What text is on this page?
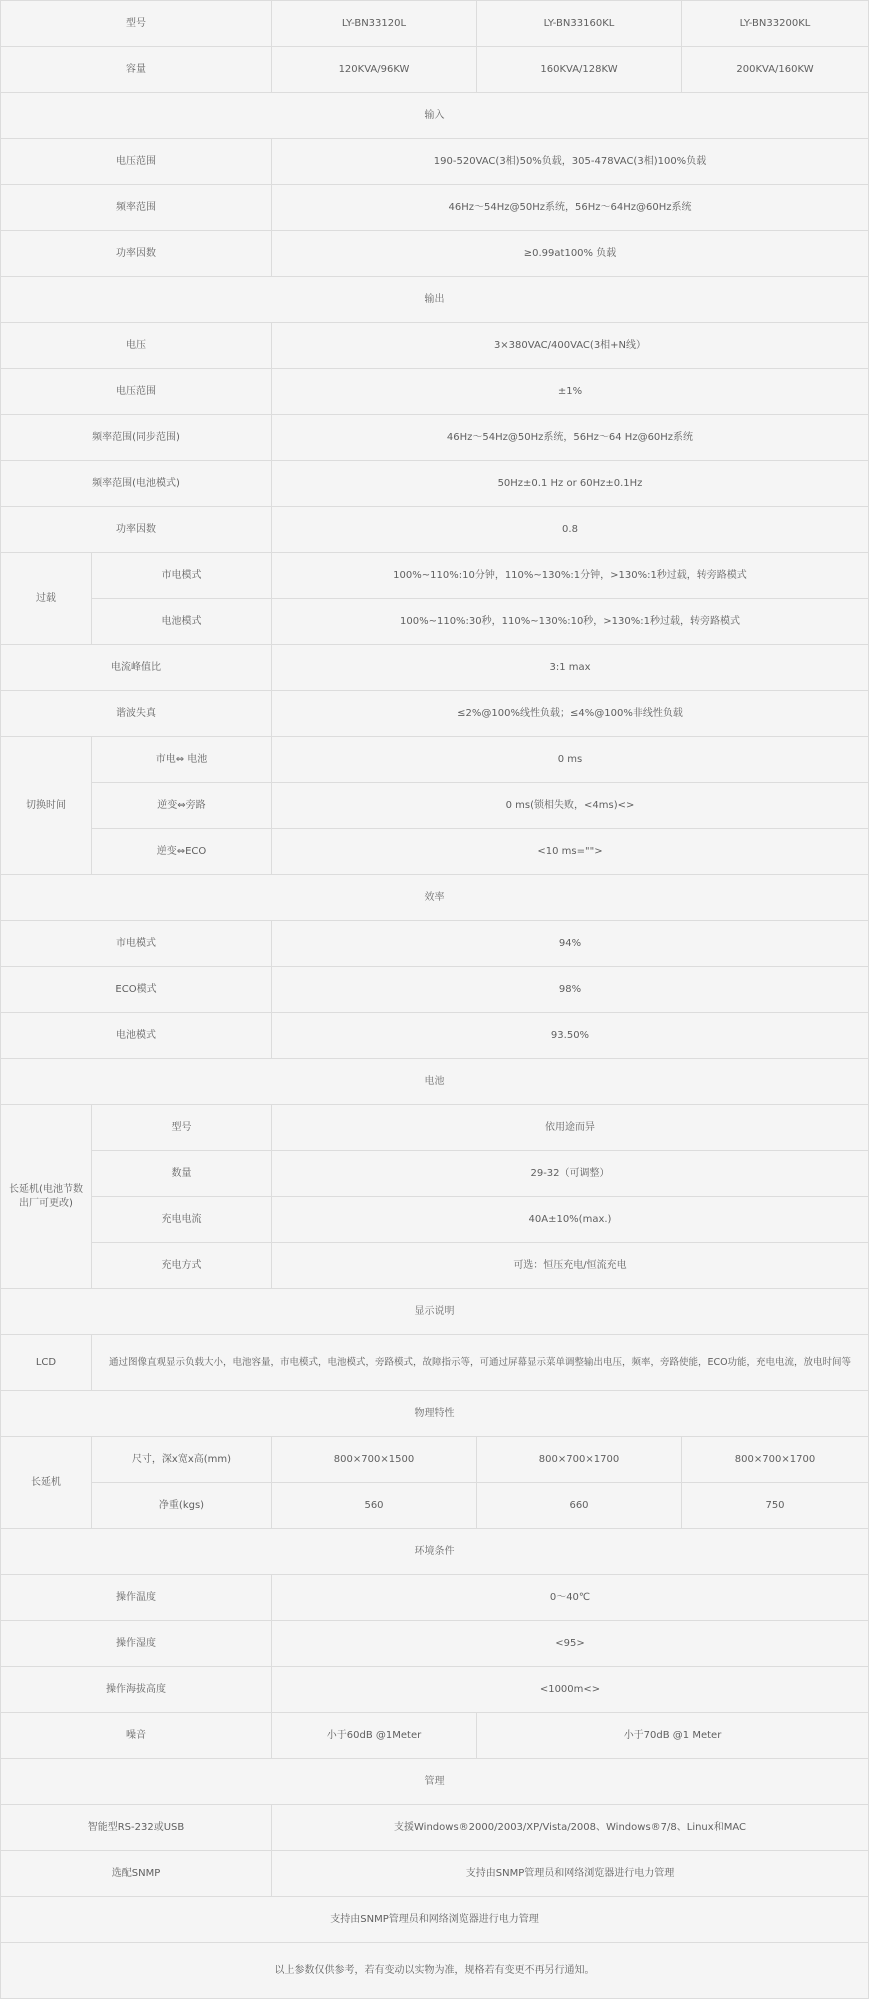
型号		LY-BN33120L	LY-BN33160KL	LY-BN33200KL
容量		120KVA/96KW	160KVA/128KW	200KVA/160KW
输入				
电压范围		190-520VAC(3相)50%负载，305-478VAC(3相)100%负载		
频率范围		46Hz～54Hz@50Hz系统，56Hz～64Hz@60Hz系统		
功率因数		≥0.99at100% 负载		
输出				
电压		3×380VAC/400VAC(3相+N线）		
电压范围		±1%		
频率范围(同步范围)		46Hz～54Hz@50Hz系统，56Hz～64 Hz@60Hz系统		
频率范围(电池模式)		50Hz±0.1 Hz or 60Hz±0.1Hz		
功率因数		0.8		
过载	市电模式	100%~110%:10分钟，110%~130%:1分钟，>130%:1秒过载，转旁路模式		
	电池模式	100%~110%:30秒，110%~130%:10秒，>130%:1秒过载，转旁路模式		
电流峰值比		3:1 max		
谐波失真		≤2%@100%线性负载；≤4%@100%非线性负载		
切换时间	市电⇔ 电池	0 ms		
	逆变⇔旁路	0 ms(锁相失败，<4ms)<>		
	逆变⇔ECO	<10 ms="">		
效率				
市电模式		94%		
ECO模式		98%		
电池模式		93.50%		
电池				
长延机(电池节数出厂可更改)	型号	依用途而异		
	数量	29-32（可调整）		
	充电电流	40A±10%(max.)		
	充电方式	可选：恒压充电/恒流充电		
显示说明				
LCD	通过图像直观显示负载大小，电池容量，市电模式，电池模式，旁路模式，故障指示等，可通过屏幕显示菜单调整输出电压，频率，旁路使能，ECO功能，充电电流，放电时间等			
物理特性				
长延机	尺寸，深x宽x高(mm)	800×700×1500	800×700×1700	800×700×1700
	净重(kgs)	560	660	750
环境条件				
操作温度		0～40℃		
操作湿度		<95>		
操作海拔高度		<1000m<>		
噪音		小于60dB @1Meter	小于70dB @1 Meter	
管理				
智能型RS-232或USB		支援Windows®2000/2003/XP/Vista/2008、Windows®7/8、Linux和MAC		
选配SNMP		支持由SNMP管理员和网络浏览器进行电力管理		
支持由SNMP管理员和网络浏览器进行电力管理				
以上参数仅供参考，若有变动以实物为准，规格若有变更不再另行通知。				
